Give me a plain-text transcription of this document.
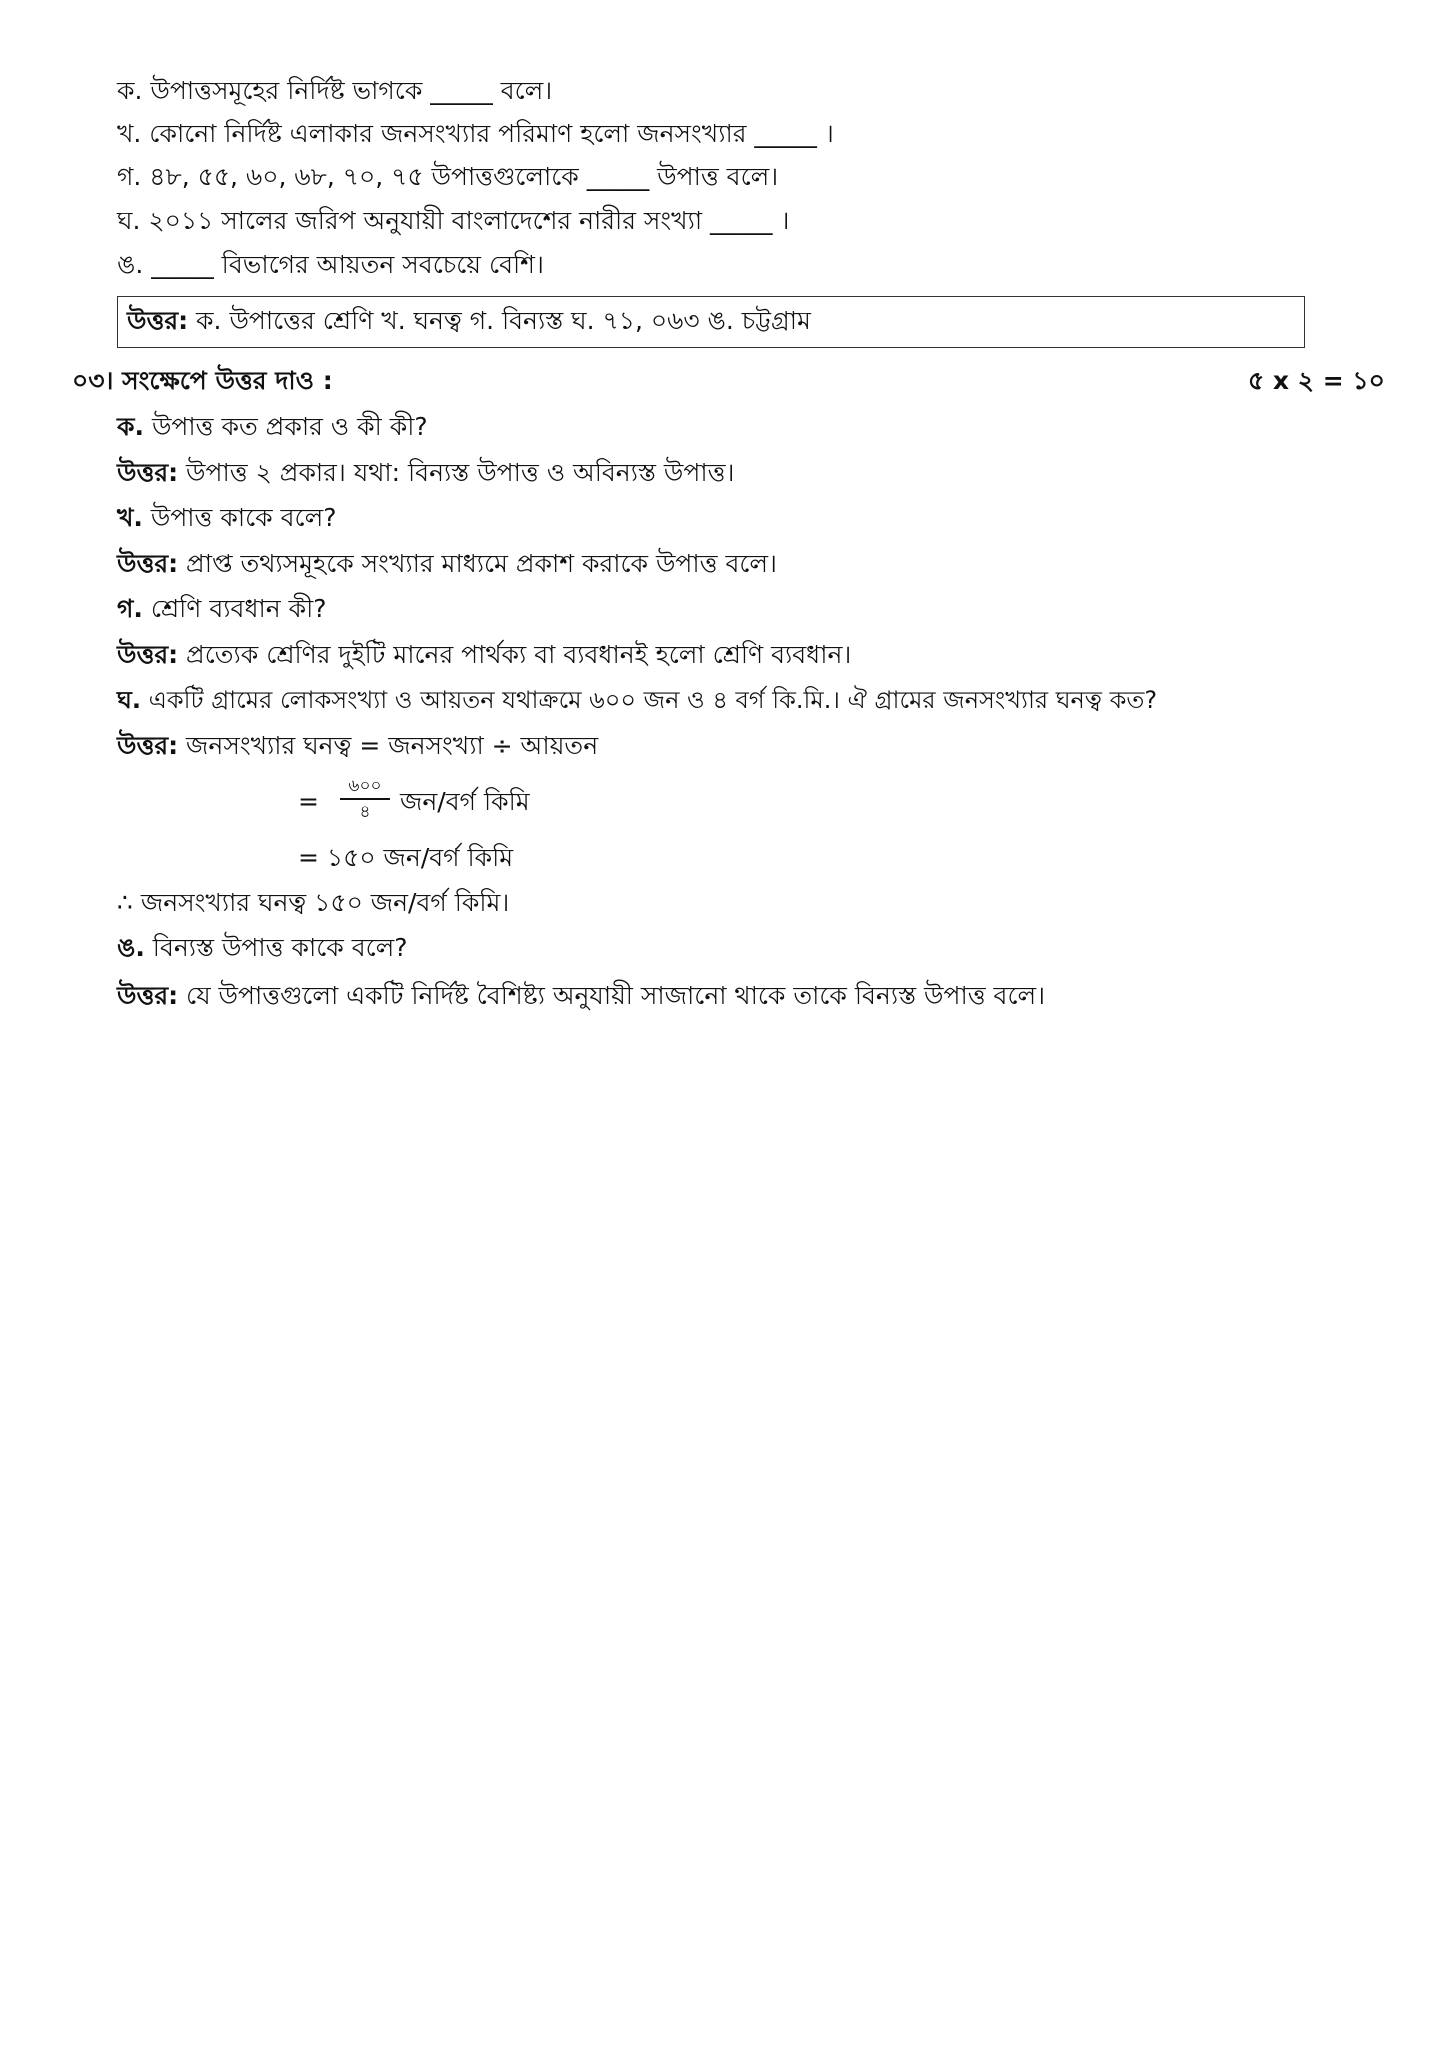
ক. উপাত্তসমূহের নির্দিষ্ট ভাগকে _____ বলে।
খ. কোনো নির্দিষ্ট এলাকার জনসংখ্যার পরিমাণ হলো জনসংখ্যার _____ ।
গ. ৪৮, ৫৫, ৬০, ৬৮, ৭০, ৭৫ উপাত্তগুলোকে _____ উপাত্ত বলে।
ঘ. ২০১১ সালের জরিপ অনুযায়ী বাংলাদেশের নারীর সংখ্যা _____ ।
ঙ. _____ বিভাগের আয়তন সবচেয়ে বেশি।
উত্তর: ক. উপাত্তের শ্রেণি খ. ঘনত্ব গ. বিন্যস্ত ঘ. ৭১, ০৬৩ ঙ. চট্টগ্রাম
০৩। সংক্ষেপে উত্তর দাও :	৫ x ২ = ১০
ক. উপাত্ত কত প্রকার ও কী কী?
উত্তর: উপাত্ত ২ প্রকার। যথা: বিন্যস্ত উপাত্ত ও অবিন্যস্ত উপাত্ত।
খ. উপাত্ত কাকে বলে?
উত্তর: প্রাপ্ত তথ্যসমূহকে সংখ্যার মাধ্যমে প্রকাশ করাকে উপাত্ত বলে।
গ. শ্রেণি ব্যবধান কী?
উত্তর: প্রত্যেক শ্রেণির দুইটি মানের পার্থক্য বা ব্যবধানই হলো শ্রেণি ব্যবধান।
ঘ. একটি গ্রামের লোকসংখ্যা ও আয়তন যথাক্রমে ৬০০ জন ও ৪ বর্গ কি.মি.। ঐ গ্রামের জনসংখ্যার ঘনত্ব কত?
উত্তর: জনসংখ্যার ঘনত্ব = জনসংখ্যা ÷ আয়তন
=
৬০০
৪	জন/বর্গ কিমি
= ১৫০ জন/বর্গ কিমি
∴ জনসংখ্যার ঘনত্ব ১৫০ জন/বর্গ কিমি।
ঙ. বিন্যস্ত উপাত্ত কাকে বলে?
উত্তর: যে উপাত্তগুলো একটি নির্দিষ্ট বৈশিষ্ট্য অনুযায়ী সাজানো থাকে তাকে বিন্যস্ত উপাত্ত বলে।
